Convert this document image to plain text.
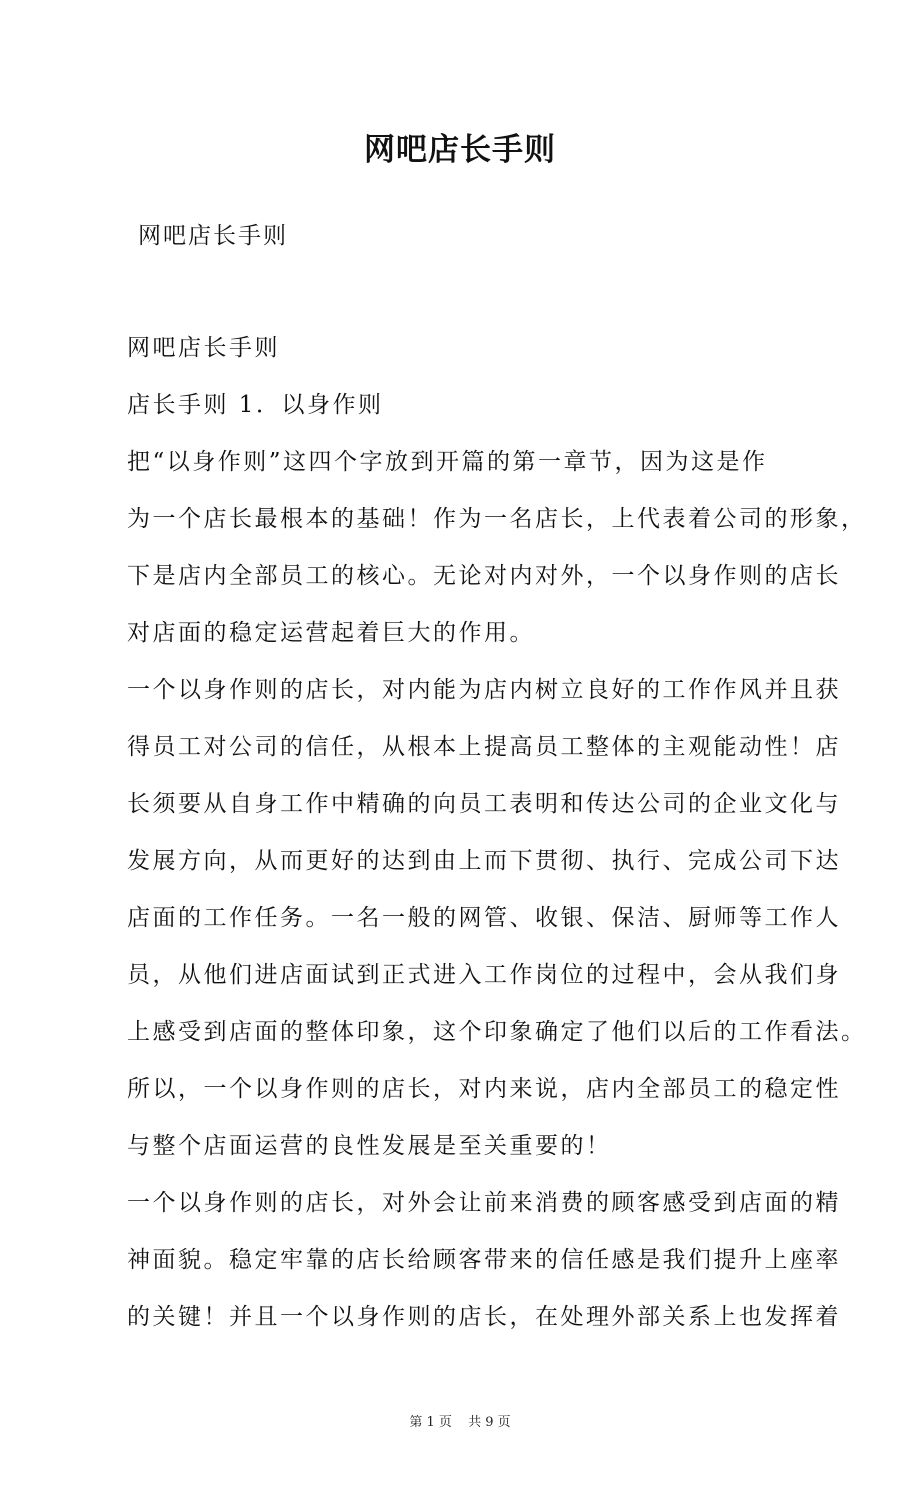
网吧店长手则
网吧店长手则
网吧店长手则
店长手则 1．以身作则
把“以身作则”这四个字放到开篇的第一章节，因为这是作
为一个店长最根本的基础！作为一名店长，上代表着公司的形象，
下是店内全部员工的核心。无论对内对外，一个以身作则的店长
对店面的稳定运营起着巨大的作用。
一个以身作则的店长，对内能为店内树立良好的工作作风并且获
得员工对公司的信任，从根本上提高员工整体的主观能动性！店
长须要从自身工作中精确的向员工表明和传达公司的企业文化与
发展方向，从而更好的达到由上而下贯彻、执行、完成公司下达
店面的工作任务。一名一般的网管、收银、保洁、厨师等工作人
员，从他们进店面试到正式进入工作岗位的过程中，会从我们身
上感受到店面的整体印象，这个印象确定了他们以后的工作看法。
所以，一个以身作则的店长，对内来说，店内全部员工的稳定性
与整个店面运营的良性发展是至关重要的！
一个以身作则的店长，对外会让前来消费的顾客感受到店面的精
神面貌。稳定牢靠的店长给顾客带来的信任感是我们提升上座率
的关键！并且一个以身作则的店长，在处理外部关系上也发挥着
第 1 页 共 9 页
